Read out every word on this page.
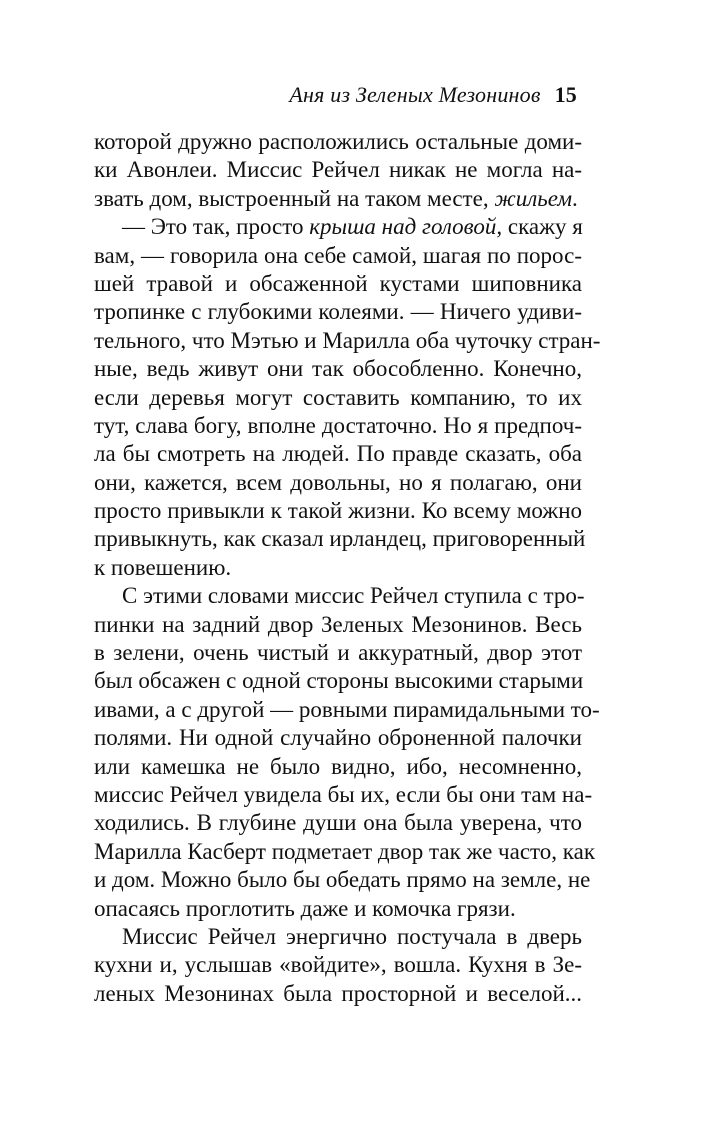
Аня из Зеленых Мезонинов 15
которой дружно расположились остальные доми-
ки Авонлеи. Миссис Рейчел никак не могла на-
звать дом, выстроенный на таком месте, жильем.
— Это так, просто крыша над головой, скажу я
вам, — говорила она себе самой, шагая по порос-
шей травой и обсаженной кустами шиповника
тропинке с глубокими колеями. — Ничего удиви-
тельного, что Мэтью и Марилла оба чуточку стран-
ные, ведь живут они так обособленно. Конечно,
если деревья могут составить компанию, то их
тут, слава богу, вполне достаточно. Но я предпоч-
ла бы смотреть на людей. По правде сказать, оба
они, кажется, всем довольны, но я полагаю, они
просто привыкли к такой жизни. Ко всему можно
привыкнуть, как сказал ирландец, приговоренный
к повешению.
С этими словами миссис Рейчел ступила с тро-
пинки на задний двор Зеленых Мезонинов. Весь
в зелени, очень чистый и аккуратный, двор этот
был обсажен с одной стороны высокими старыми
ивами, а с другой — ровными пирамидальными то-
полями. Ни одной случайно оброненной палочки
или камешка не было видно, ибо, несомненно,
миссис Рейчел увидела бы их, если бы они там на-
ходились. В глубине души она была уверена, что
Марилла Касберт подметает двор так же часто, как
и дом. Можно было бы обедать прямо на земле, не
опасаясь проглотить даже и комочка грязи.
Миссис Рейчел энергично постучала в дверь
кухни и, услышав «войдите», вошла. Кухня в Зе-
леных Мезонинах была просторной и веселой...
